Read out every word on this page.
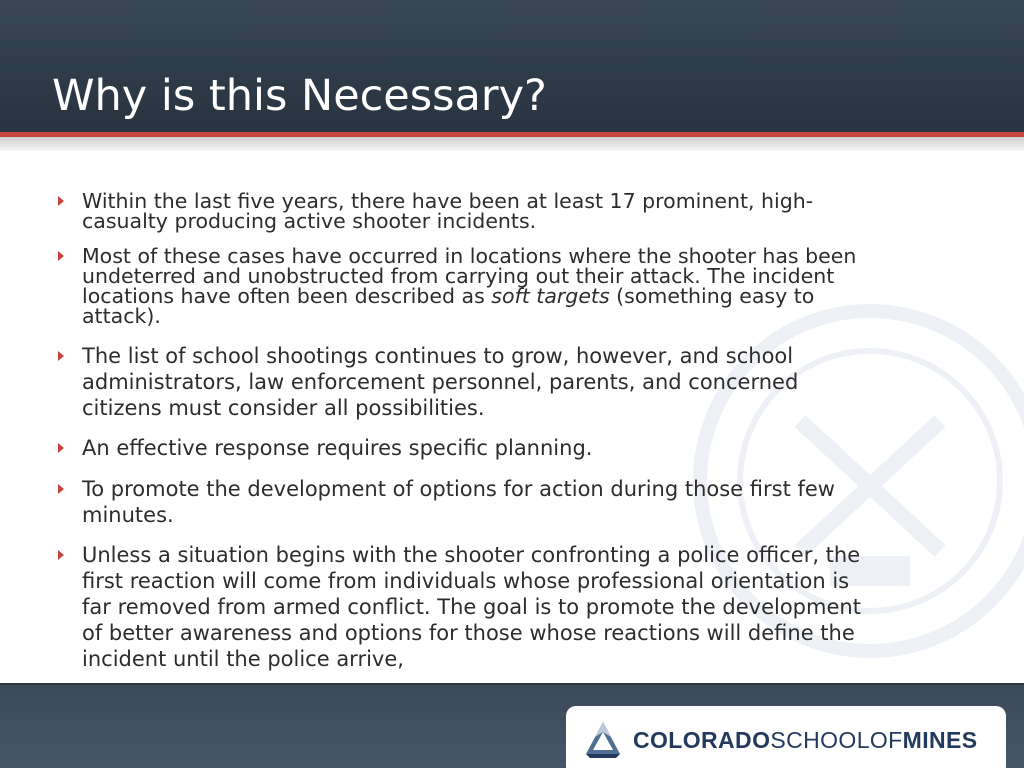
Why is this Necessary?

Within the last five years, there have been at least 17 prominent, high-

casualty producing active shooter incidents.

Most of these cases have occurred in locations where the shooter has been

undeterred and unobstructed from carrying out their attack. The incident

locations have often been described as soft targets (something easy to

attack).

The list of school shootings continues to grow, however, and school

administrators, law enforcement personnel, parents, and concerned

citizens must consider all possibilities.

An effective response requires specific planning.

To promote the development of options for action during those first few

minutes.

Unless a situation begins with the shooter confronting a police officer, the

first reaction will come from individuals whose professional orientation is

far removed from armed conflict. The goal is to promote the development

of better awareness and options for those whose reactions will define the

incident until the police arrive,

COLORADOSCHOOLOFMINES
